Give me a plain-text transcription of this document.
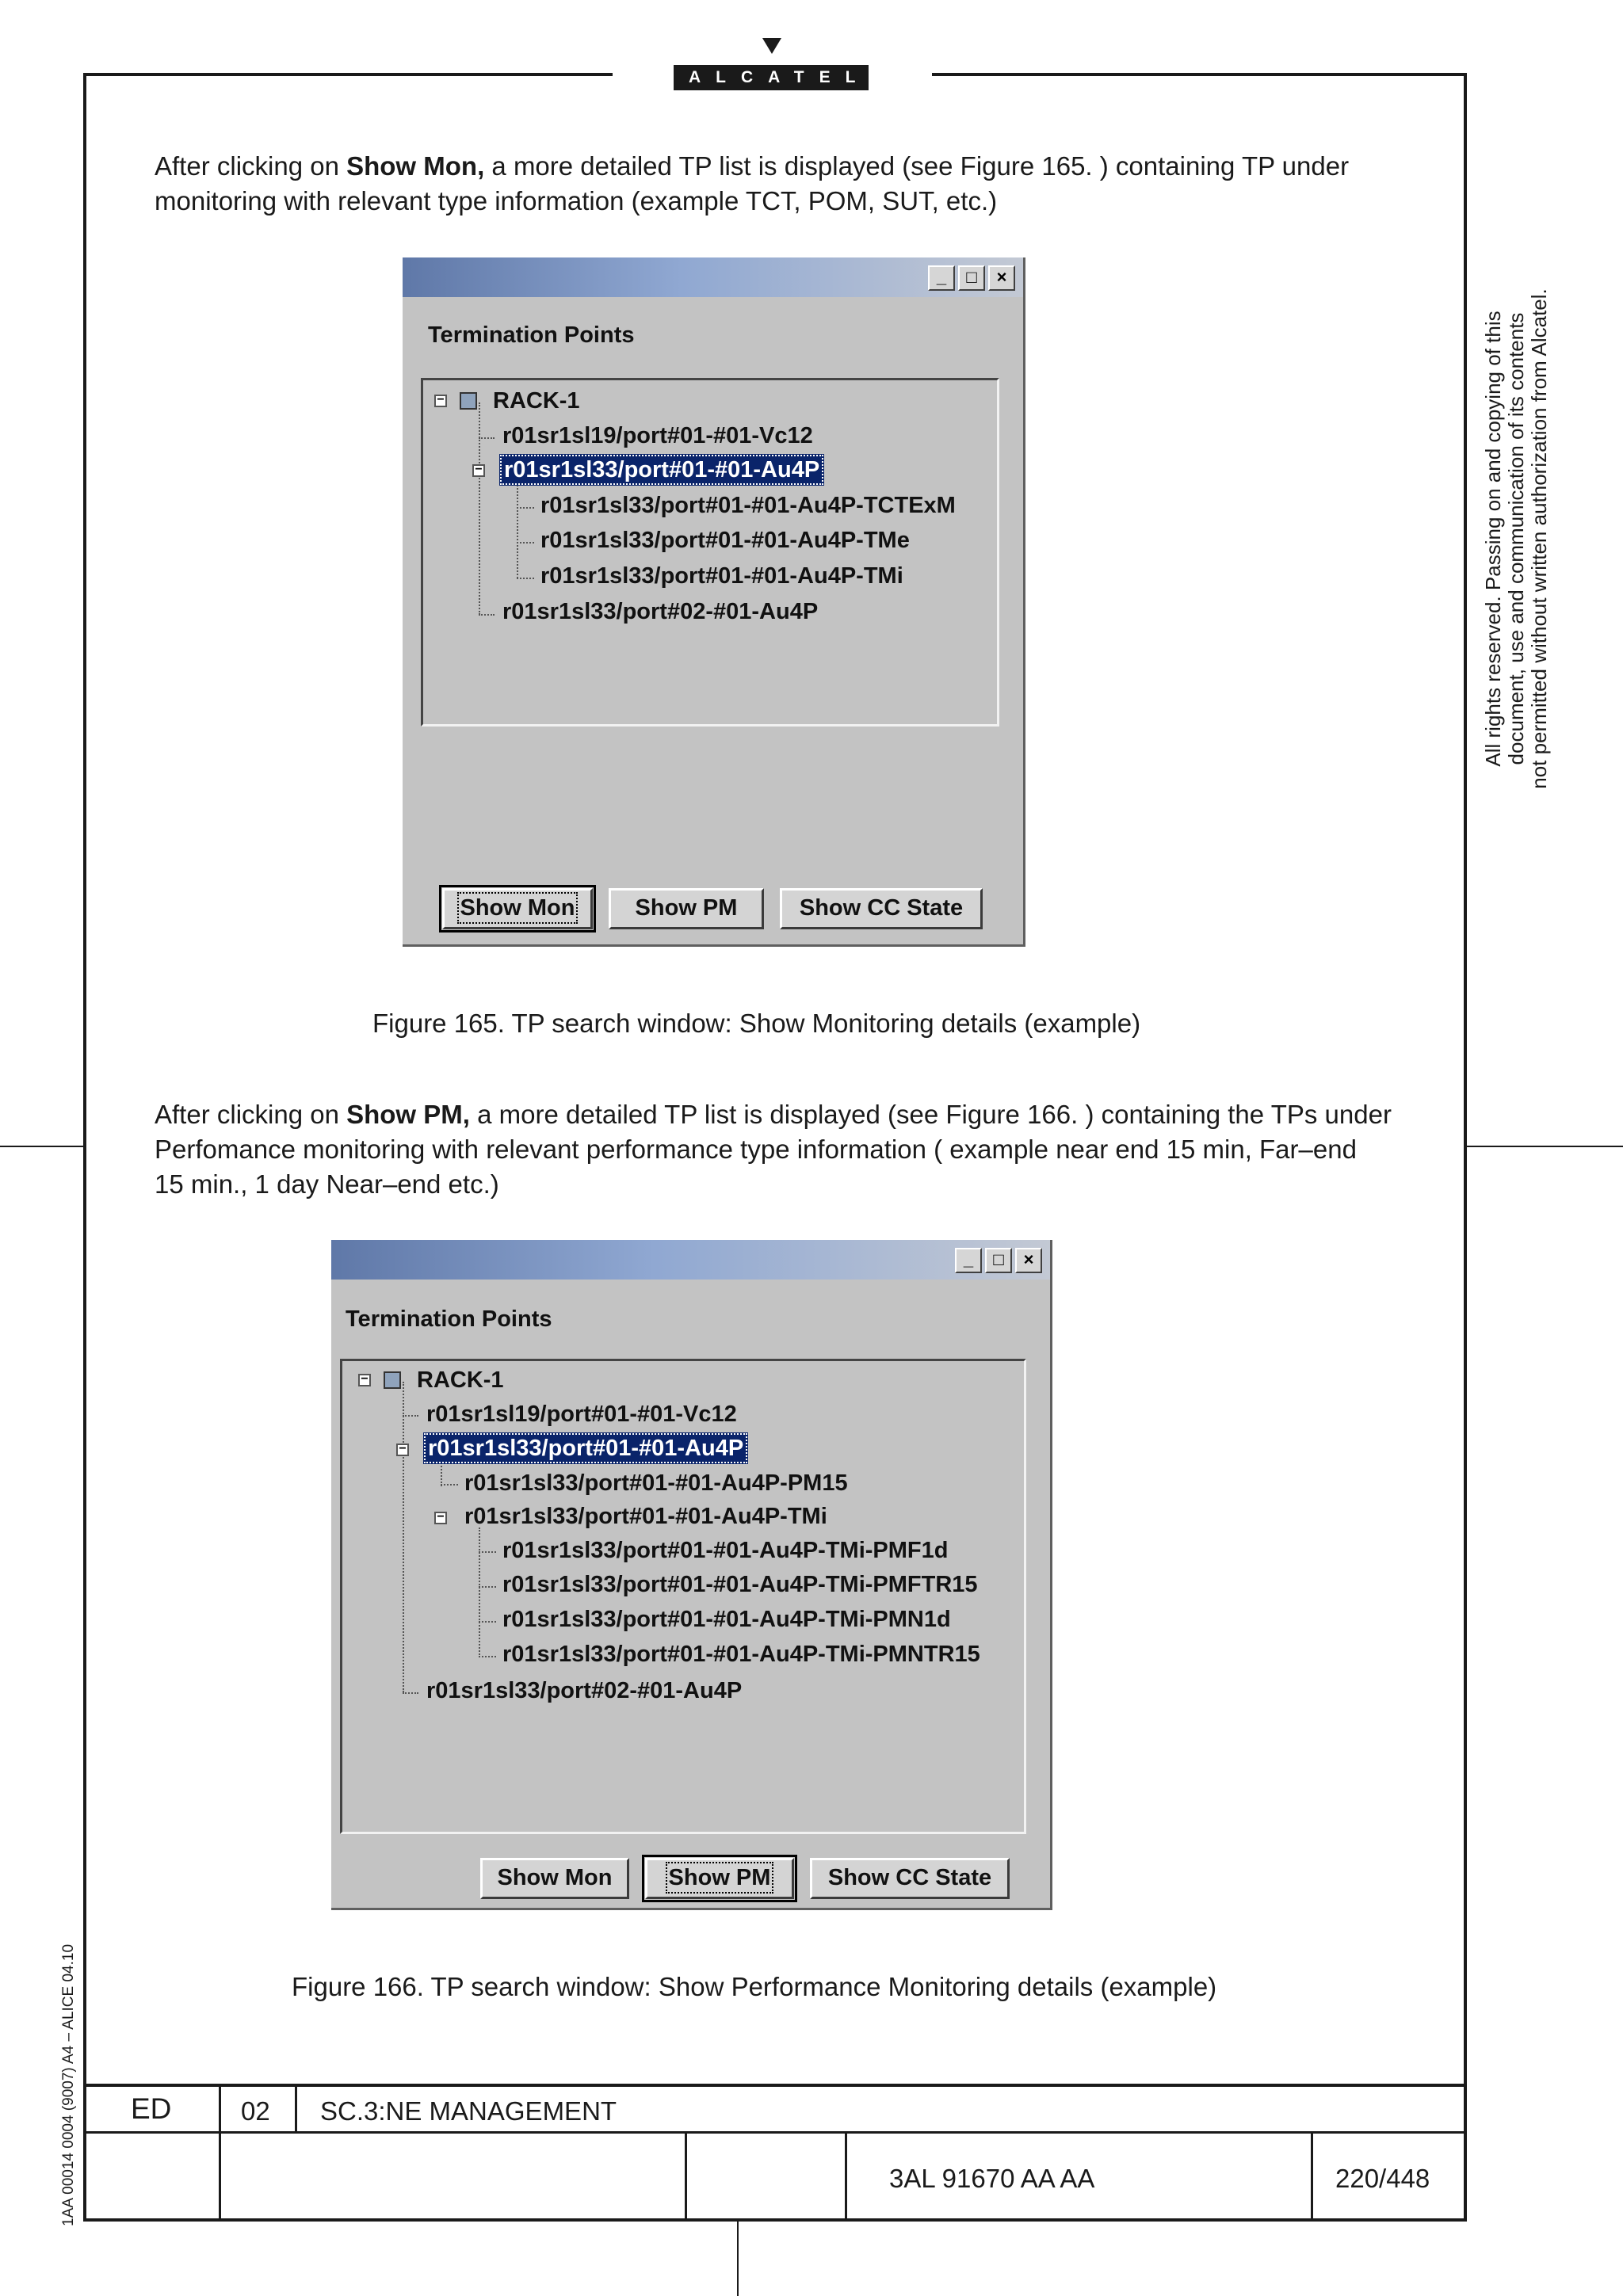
ALCATEL

After clicking on Show Mon, a more detailed TP list is displayed (see Figure 165. ) containing TP under
monitoring with relevant type information (example TCT, POM, SUT, etc.)

_	□	×
Termination Points
− RACK-1
r01sr1sl19/port#01-#01-Vc12
− r01sr1sl33/port#01-#01-Au4P
r01sr1sl33/port#01-#01-Au4P-TCTExM
r01sr1sl33/port#01-#01-Au4P-TMe
r01sr1sl33/port#01-#01-Au4P-TMi
r01sr1sl33/port#02-#01-Au4P
Show Mon	Show PM	Show CC State
Figure 165. TP search window: Show Monitoring details (example)

After clicking on Show PM, a more detailed TP list is displayed (see Figure 166. ) containing the TPs under
Perfomance monitoring with relevant performance type information ( example near end 15 min, Far–end
15 min., 1 day Near–end etc.)

_	□	×
Termination Points
− RACK-1
r01sr1sl19/port#01-#01-Vc12
− r01sr1sl33/port#01-#01-Au4P
r01sr1sl33/port#01-#01-Au4P-PM15
− r01sr1sl33/port#01-#01-Au4P-TMi
r01sr1sl33/port#01-#01-Au4P-TMi-PMF1d
r01sr1sl33/port#01-#01-Au4P-TMi-PMFTR15
r01sr1sl33/port#01-#01-Au4P-TMi-PMN1d
r01sr1sl33/port#01-#01-Au4P-TMi-PMNTR15
r01sr1sl33/port#02-#01-Au4P
Show Mon	Show PM	Show CC State
Figure 166. TP search window: Show Performance Monitoring details (example)
All rights reserved. Passing on and copying of this document, use and communication of its contents not permitted without written authorization from Alcatel.
1AA 00014 0004 (9007) A4 – ALICE 04.10 ED	02 SC.3:NE MANAGEMENT
3AL 91670 AA AA	220/448
